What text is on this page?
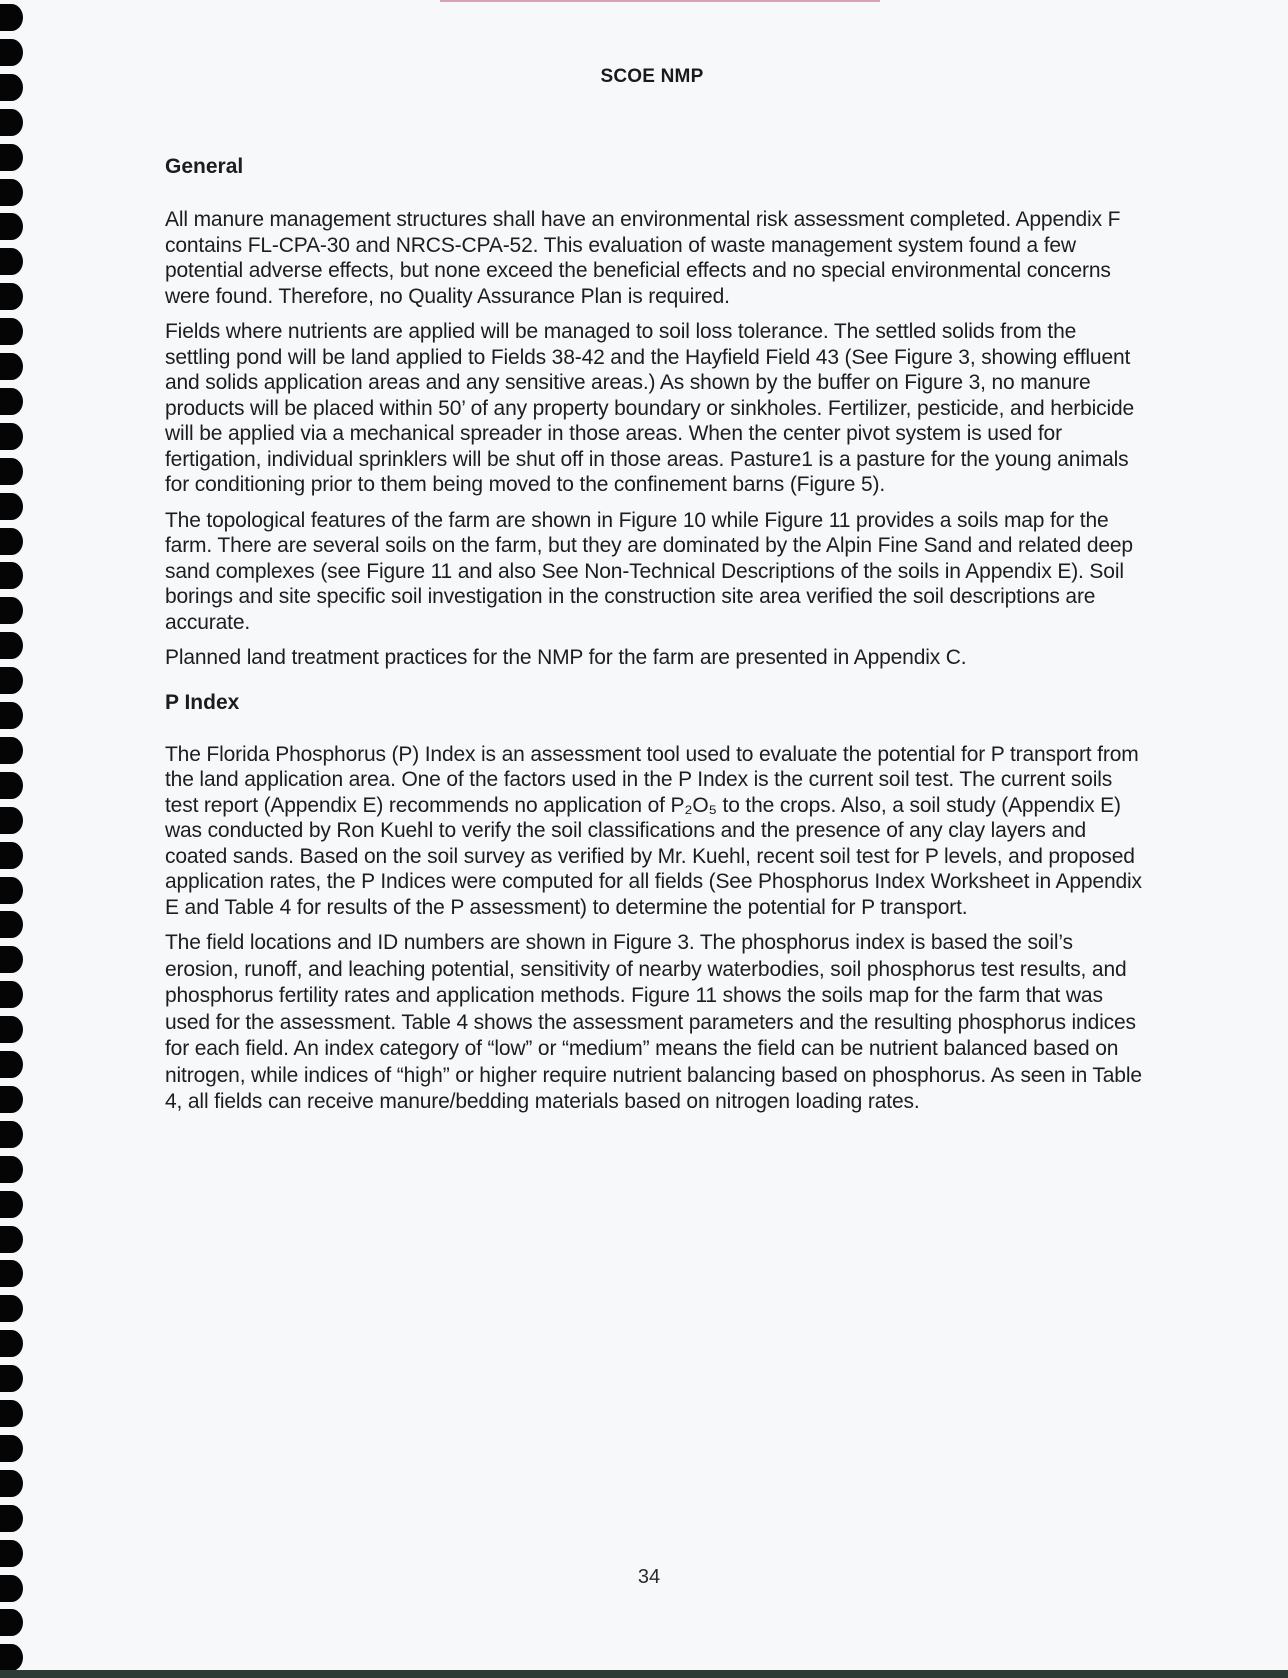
SCOE NMP
General

All manure management structures shall have an environmental risk assessment completed. Appendix F contains FL-CPA-30 and NRCS-CPA-52. This evaluation of waste management system found a few potential adverse effects, but none exceed the beneficial effects and no special environmental concerns were found. Therefore, no Quality Assurance Plan is required.

Fields where nutrients are applied will be managed to soil loss tolerance. The settled solids from the settling pond will be land applied to Fields 38-42 and the Hayfield Field 43 (See Figure 3, showing effluent and solids application areas and any sensitive areas.) As shown by the buffer on Figure 3, no manure products will be placed within 50’ of any property boundary or sinkholes. Fertilizer, pesticide, and herbicide will be applied via a mechanical spreader in those areas. When the center pivot system is used for fertigation, individual sprinklers will be shut off in those areas. Pasture1 is a pasture for the young animals for conditioning prior to them being moved to the confinement barns (Figure 5).

The topological features of the farm are shown in Figure 10 while Figure 11 provides a soils map for the farm. There are several soils on the farm, but they are dominated by the Alpin Fine Sand and related deep sand complexes (see Figure 11 and also See Non-Technical Descriptions of the soils in Appendix E). Soil borings and site specific soil investigation in the construction site area verified the soil descriptions are accurate.

Planned land treatment practices for the NMP for the farm are presented in Appendix C.

P Index

The Florida Phosphorus (P) Index is an assessment tool used to evaluate the potential for P transport from the land application area. One of the factors used in the P Index is the current soil test. The current soils test report (Appendix E) recommends no application of P₂O₅ to the crops. Also, a soil study (Appendix E) was conducted by Ron Kuehl to verify the soil classifications and the presence of any clay layers and coated sands. Based on the soil survey as verified by Mr. Kuehl, recent soil test for P levels, and proposed application rates, the P Indices were computed for all fields (See Phosphorus Index Worksheet in Appendix E and Table 4 for results of the P assessment) to determine the potential for P transport.

The field locations and ID numbers are shown in Figure 3. The phosphorus index is based the soil’s erosion, runoff, and leaching potential, sensitivity of nearby waterbodies, soil phosphorus test results, and phosphorus fertility rates and application methods. Figure 11 shows the soils map for the farm that was used for the assessment. Table 4 shows the assessment parameters and the resulting phosphorus indices for each field. An index category of “low” or “medium” means the field can be nutrient balanced based on nitrogen, while indices of “high” or higher require nutrient balancing based on phosphorus. As seen in Table 4, all fields can receive manure/bedding materials based on nitrogen loading rates.

34
